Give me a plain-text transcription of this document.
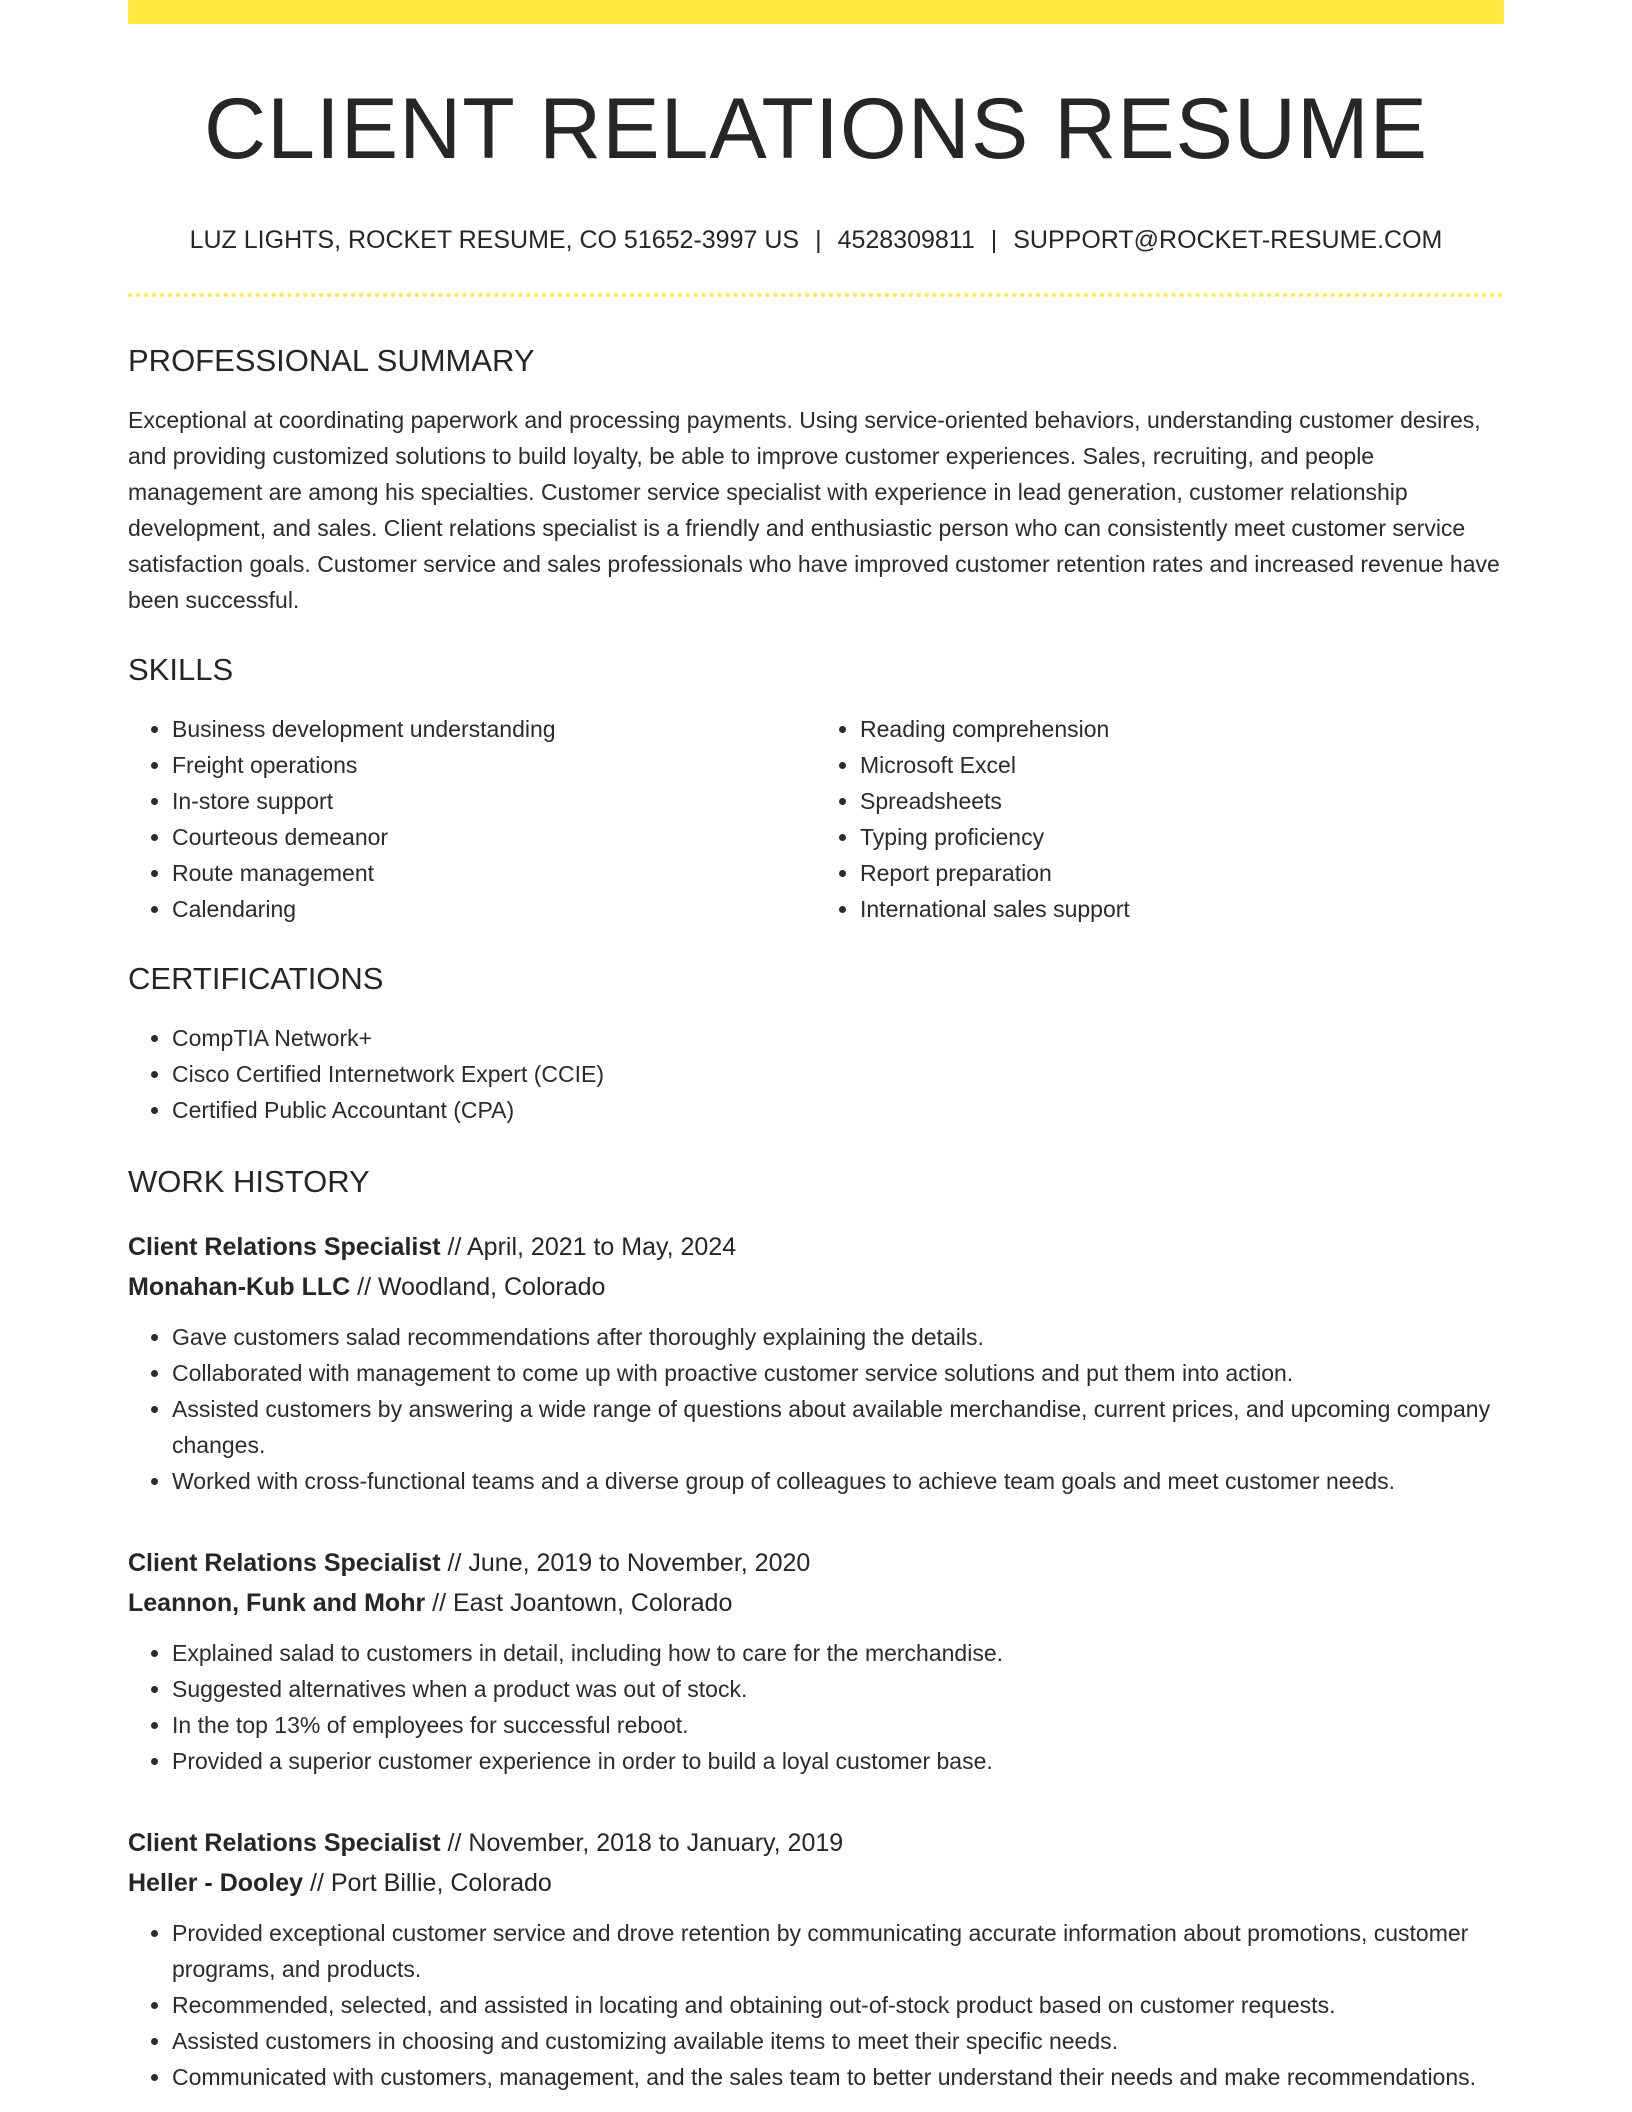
CLIENT RELATIONS RESUME
LUZ LIGHTS, ROCKET RESUME, CO 51652-3997 US | 4528309811 | SUPPORT@ROCKET-RESUME.COM
PROFESSIONAL SUMMARY

Exceptional at coordinating paperwork and processing payments. Using service-oriented behaviors, understanding customer desires, and providing customized solutions to build loyalty, be able to improve customer experiences. Sales, recruiting, and people management are among his specialties. Customer service specialist with experience in lead generation, customer relationship development, and sales. Client relations specialist is a friendly and enthusiastic person who can consistently meet customer service satisfaction goals. Customer service and sales professionals who have improved customer retention rates and increased revenue have been successful.

SKILLS
• Business development understanding
• Freight operations
• In-store support
• Courteous demeanor
• Route management
• Calendaring
• Reading comprehension
• Microsoft Excel
• Spreadsheets
• Typing proficiency
• Report preparation
• International sales support
CERTIFICATIONS
• CompTIA Network+
• Cisco Certified Internetwork Expert (CCIE)
• Certified Public Accountant (CPA)
WORK HISTORY
Client Relations Specialist // April, 2021 to May, 2024
Monahan-Kub LLC // Woodland, Colorado
• Gave customers salad recommendations after thoroughly explaining the details.
• Collaborated with management to come up with proactive customer service solutions and put them into action.
• Assisted customers by answering a wide range of questions about available merchandise, current prices, and upcoming company changes.
• Worked with cross-functional teams and a diverse group of colleagues to achieve team goals and meet customer needs.
Client Relations Specialist // June, 2019 to November, 2020
Leannon, Funk and Mohr // East Joantown, Colorado
• Explained salad to customers in detail, including how to care for the merchandise.
• Suggested alternatives when a product was out of stock.
• In the top 13% of employees for successful reboot.
• Provided a superior customer experience in order to build a loyal customer base.
Client Relations Specialist // November, 2018 to January, 2019
Heller - Dooley // Port Billie, Colorado
• Provided exceptional customer service and drove retention by communicating accurate information about promotions, customer programs, and products.
• Recommended, selected, and assisted in locating and obtaining out-of-stock product based on customer requests.
• Assisted customers in choosing and customizing available items to meet their specific needs.
• Communicated with customers, management, and the sales team to better understand their needs and make recommendations.
